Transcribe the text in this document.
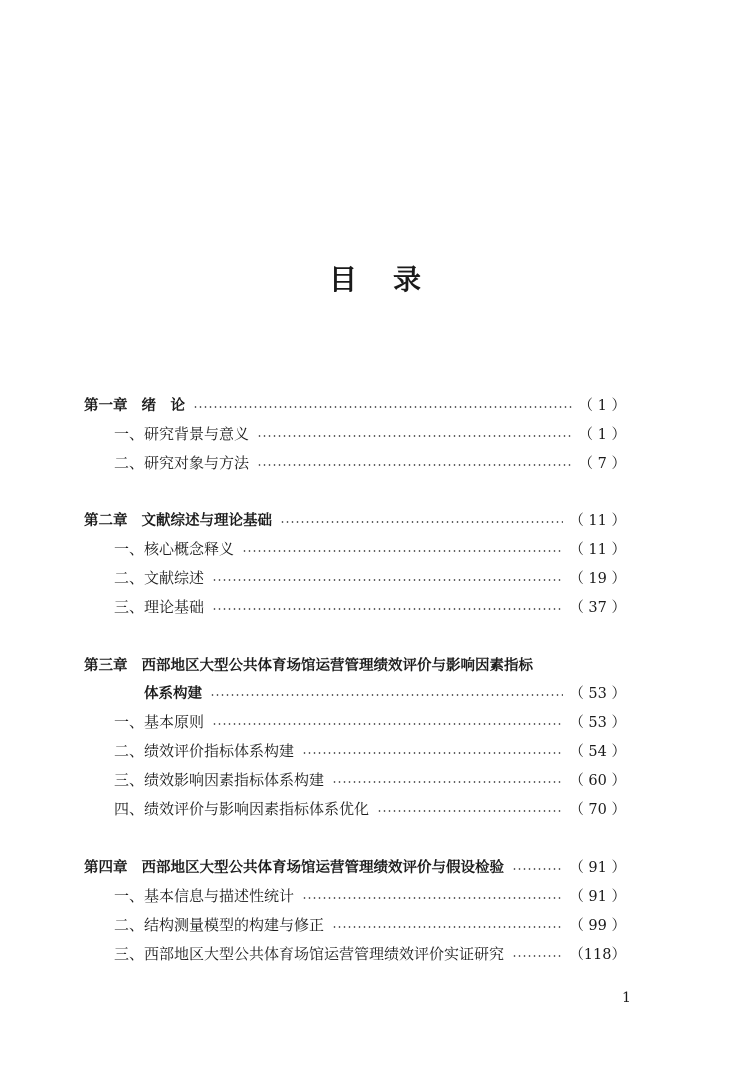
目 录
第一章 绪　论	（ 1 ）
一、研究背景与意义	（ 1 ）
二、研究对象与方法	（ 7 ）
第二章 文献综述与理论基础	（ 11 ）
一、核心概念释义	（ 11 ）
二、文献综述	（ 19 ）
三、理论基础	（ 37 ）
第三章 西部地区大型公共体育场馆运营管理绩效评价与影响因素指标
体系构建	（ 53 ）
一、基本原则	（ 53 ）
二、绩效评价指标体系构建	（ 54 ）
三、绩效影响因素指标体系构建	（ 60 ）
四、绩效评价与影响因素指标体系优化	（ 70 ）
第四章 西部地区大型公共体育场馆运营管理绩效评价与假设检验	（ 91 ）
一、基本信息与描述性统计	（ 91 ）
二、结构测量模型的构建与修正	（ 99 ）
三、西部地区大型公共体育场馆运营管理绩效评价实证研究	（118）
1
